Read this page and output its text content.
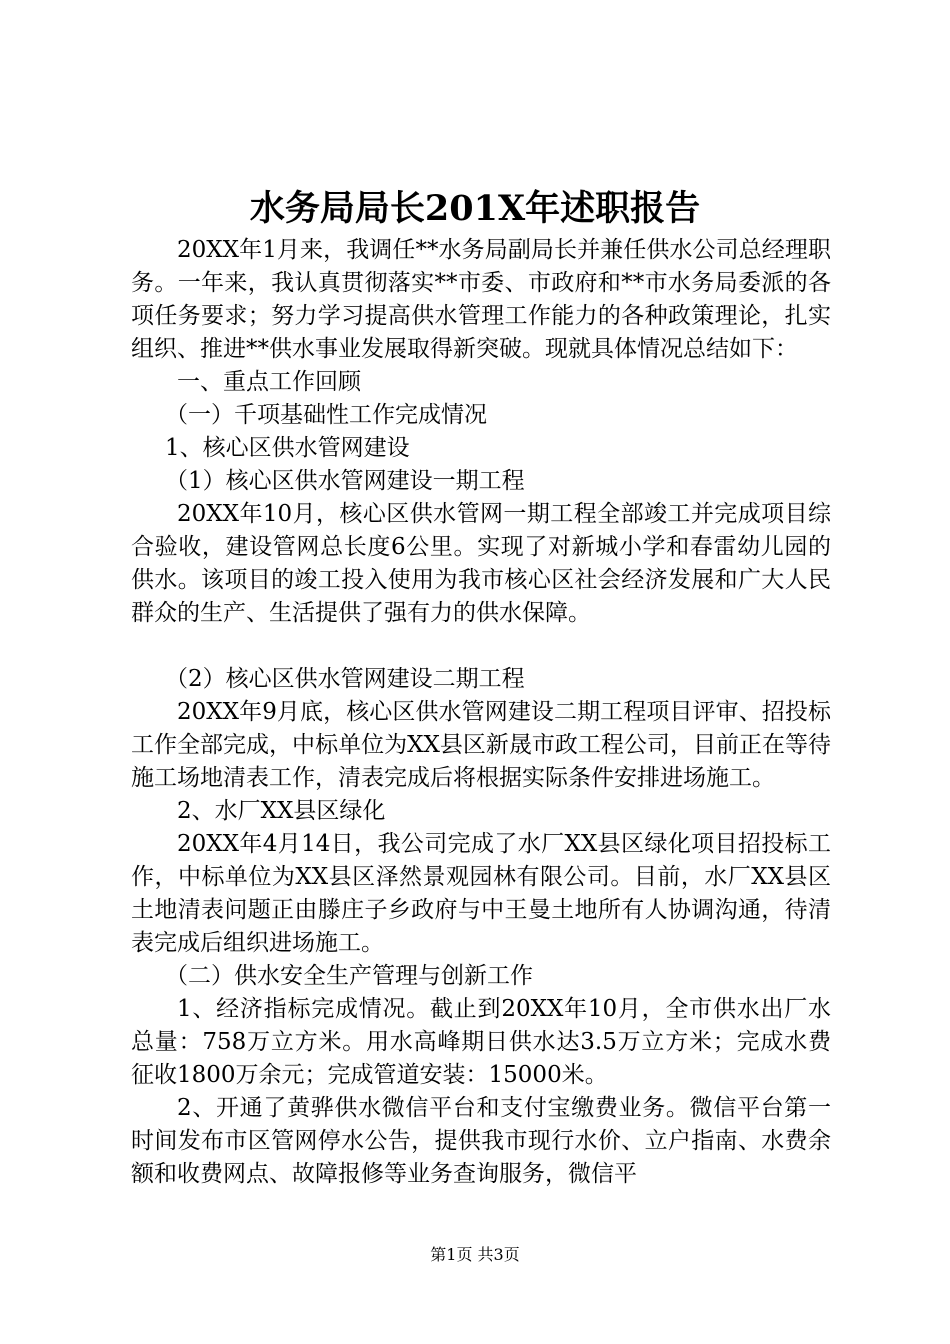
水务局局长201X年述职报告

20XX年1月来，我调任**水务局副局长并兼任供水公司总经理职务。一年来，我认真贯彻落实**市委、市政府和**市水务局委派的各项任务要求；努力学习提高供水管理工作能力的各种政策理论，扎实组织、推进**供水事业发展取得新突破。现就具体情况总结如下：

一、重点工作回顾

（一）千项基础性工作完成情况

1、核心区供水管网建设

（1）核心区供水管网建设一期工程

20XX年10月，核心区供水管网一期工程全部竣工并完成项目综合验收，建设管网总长度6公里。实现了对新城小学和春雷幼儿园的供水。该项目的竣工投入使用为我市核心区社会经济发展和广大人民群众的生产、生活提供了强有力的供水保障。

（2）核心区供水管网建设二期工程

20XX年9月底，核心区供水管网建设二期工程项目评审、招投标工作全部完成，中标单位为XX县区新晟市政工程公司，目前正在等待施工场地清表工作，清表完成后将根据实际条件安排进场施工。

2、水厂XX县区绿化

20XX年4月14日，我公司完成了水厂XX县区绿化项目招投标工作，中标单位为XX县区泽然景观园林有限公司。目前，水厂XX县区土地清表问题正由滕庄子乡政府与中王曼土地所有人协调沟通，待清表完成后组织进场施工。

（二）供水安全生产管理与创新工作

1、经济指标完成情况。截止到20XX年10月，全市供水出厂水总量：758万立方米。用水高峰期日供水达3.5万立方米；完成水费征收1800万余元；完成管道安装：15000米。

2、开通了黄骅供水微信平台和支付宝缴费业务。微信平台第一时间发布市区管网停水公告，提供我市现行水价、立户指南、水费余额和收费网点、故障报修等业务查询服务，微信平

第1页 共3页
